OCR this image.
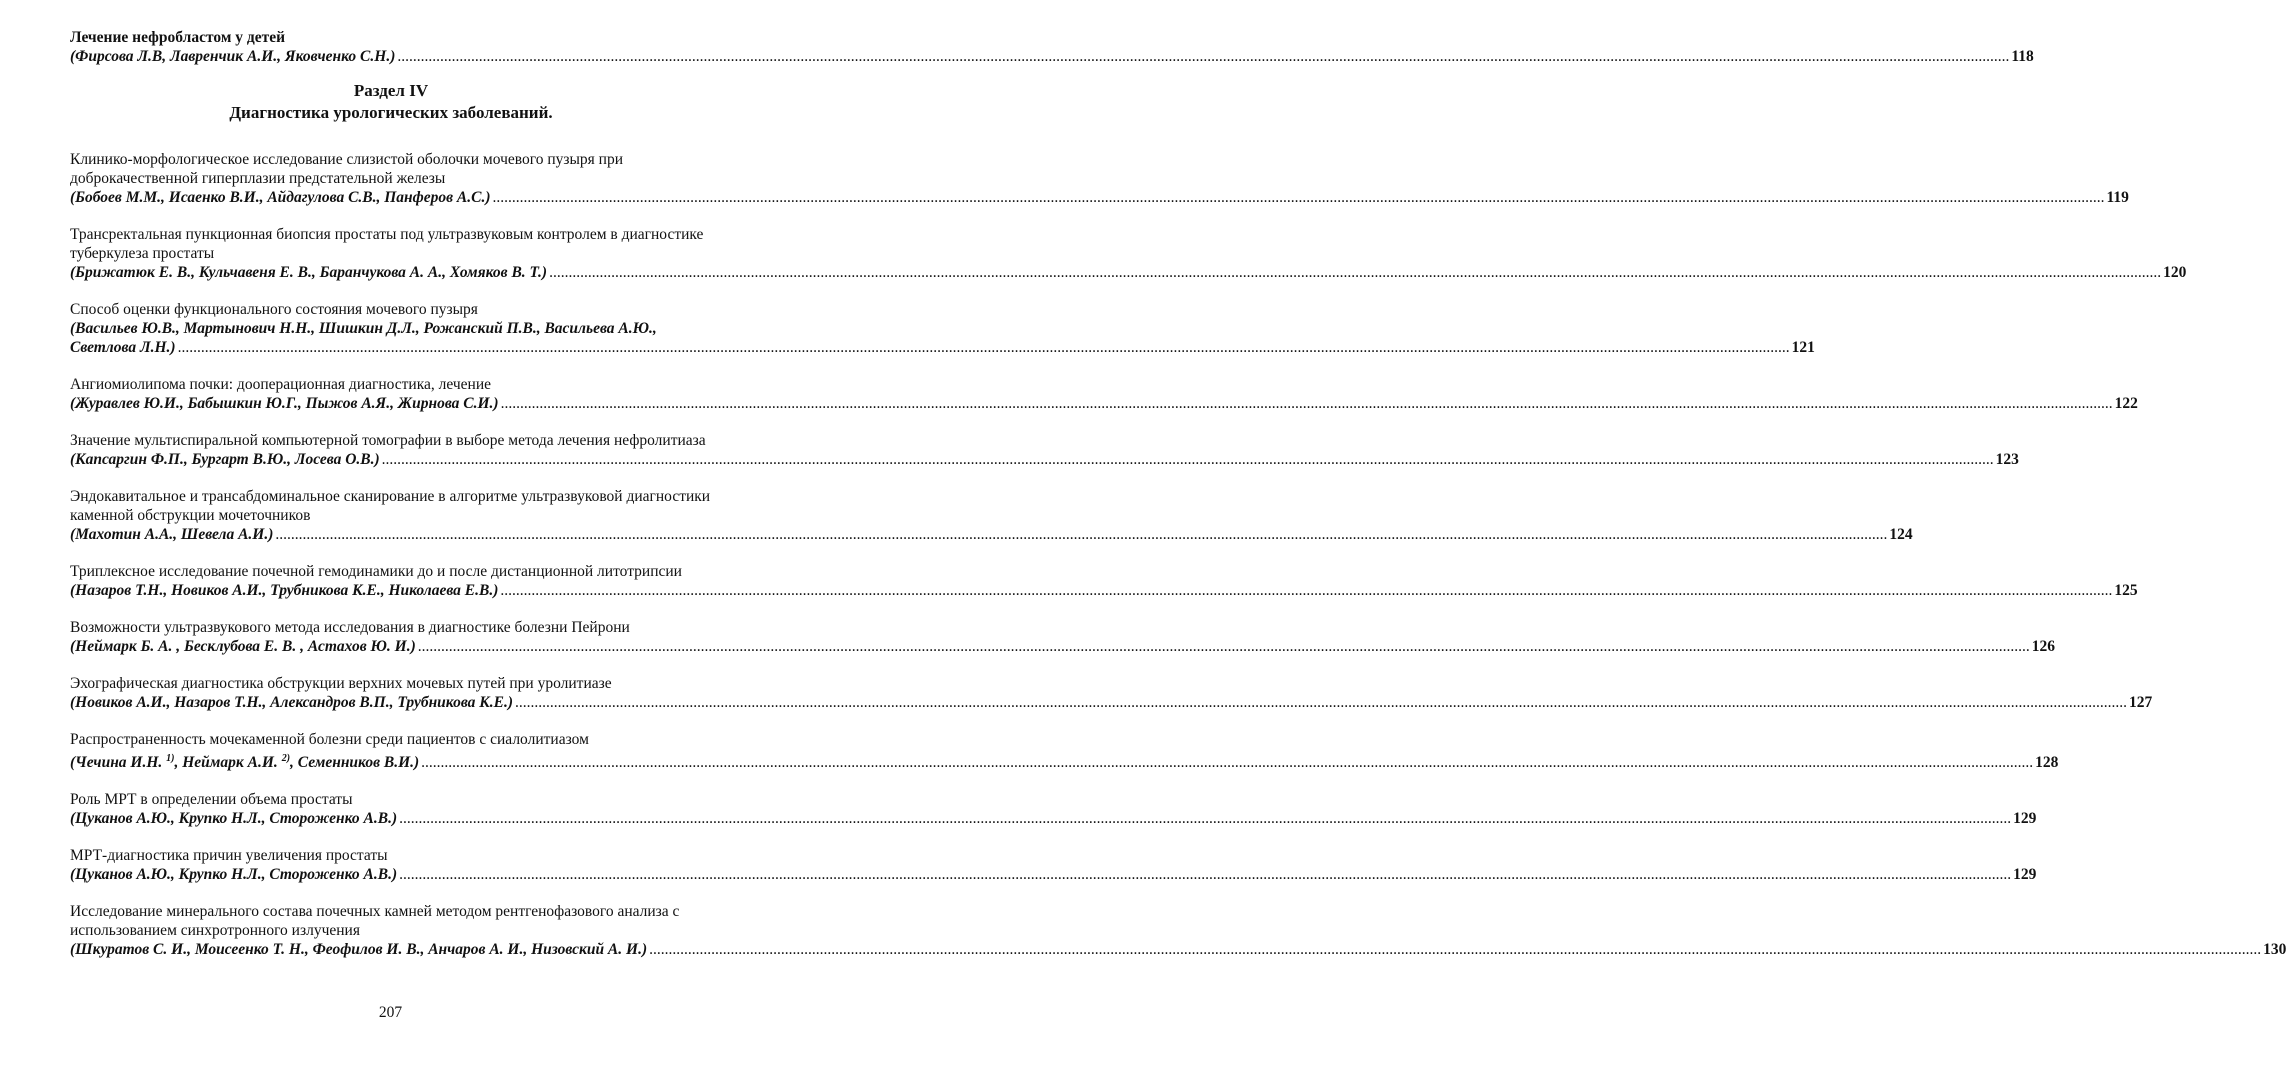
Лечение нефробластом у детей
(Фирсова Л.В, Лавренчик А.И., Яковченко С.Н.) .....	118
Раздел IV
Диагностика урологических заболеваний.
Клинико-морфологическое исследование слизистой оболочки мочевого пузыря при доброкачественной гиперплазии предстательной железы
(Бобоев М.М., Исаенко В.И., Айдагулова С.В., Панферов А.С.) .....	119
Трансректальная пункционная биопсия простаты под ультразвуковым контролем в диагностике туберкулеза простаты
(Брижатюк Е. В., Кульчавеня Е. В., Баранчукова А. А., Хомяков В. Т.) .....	120
Способ оценки функционального состояния мочевого пузыря
(Васильев Ю.В., Мартынович Н.Н., Шишкин Д.Л., Рожанский П.В., Васильева А.Ю.,
Светлова Л.Н.) .....	121
Ангиомиолипома почки: дооперационная диагностика, лечение
(Журавлев Ю.И., Бабышкин Ю.Г., Пыжов А.Я., Жирнова С.И.) .....	122
Значение мультиспиральной компьютерной томографии в выборе метода лечения нефролитиаза
(Капсаргин Ф.П., Бургарт В.Ю., Лосева О.В.) .....	123
Эндокавитальное и трансабдоминальное сканирование в алгоритме ультразвуковой диагностики каменной обструкции мочеточников
(Махотин А.А., Шевела А.И.) .....	124
Триплексное исследование почечной гемодинамики до и после дистанционной литотрипсии
(Назаров Т.Н., Новиков А.И., Трубникова К.Е., Николаева Е.В.) .....	125
Возможности ультразвукового метода исследования в диагностике болезни Пейрони
(Неймарк Б. А. , Бесклубова Е. В. , Астахов Ю. И.) .....	126
Эхографическая диагностика обструкции верхних мочевых путей при уролитиазе
(Новиков А.И., Назаров Т.Н., Александров В.П., Трубникова К.Е.) .....	127
Распространенность мочекаменной болезни среди пациентов с сиалолитиазом
(Чечина И.Н. $^{1)}$, Неймарк А.И. $^{2)}$, Семенников В.И.) .....	128
Роль МРТ в определении объема простаты
(Цуканов А.Ю., Крупко Н.Л., Стороженко А.В.) .....	129
МРТ-диагностика причин увеличения простаты
(Цуканов А.Ю., Крупко Н.Л., Стороженко А.В.) .....	129
Исследование минерального состава почечных камней методом рентгенофазового анализа с использованием синхротронного излучения
(Шкуратов С. И., Моисеенко Т. Н., Феофилов И. В., Анчаров А. И., Низовский А. И.) .....	130
207
